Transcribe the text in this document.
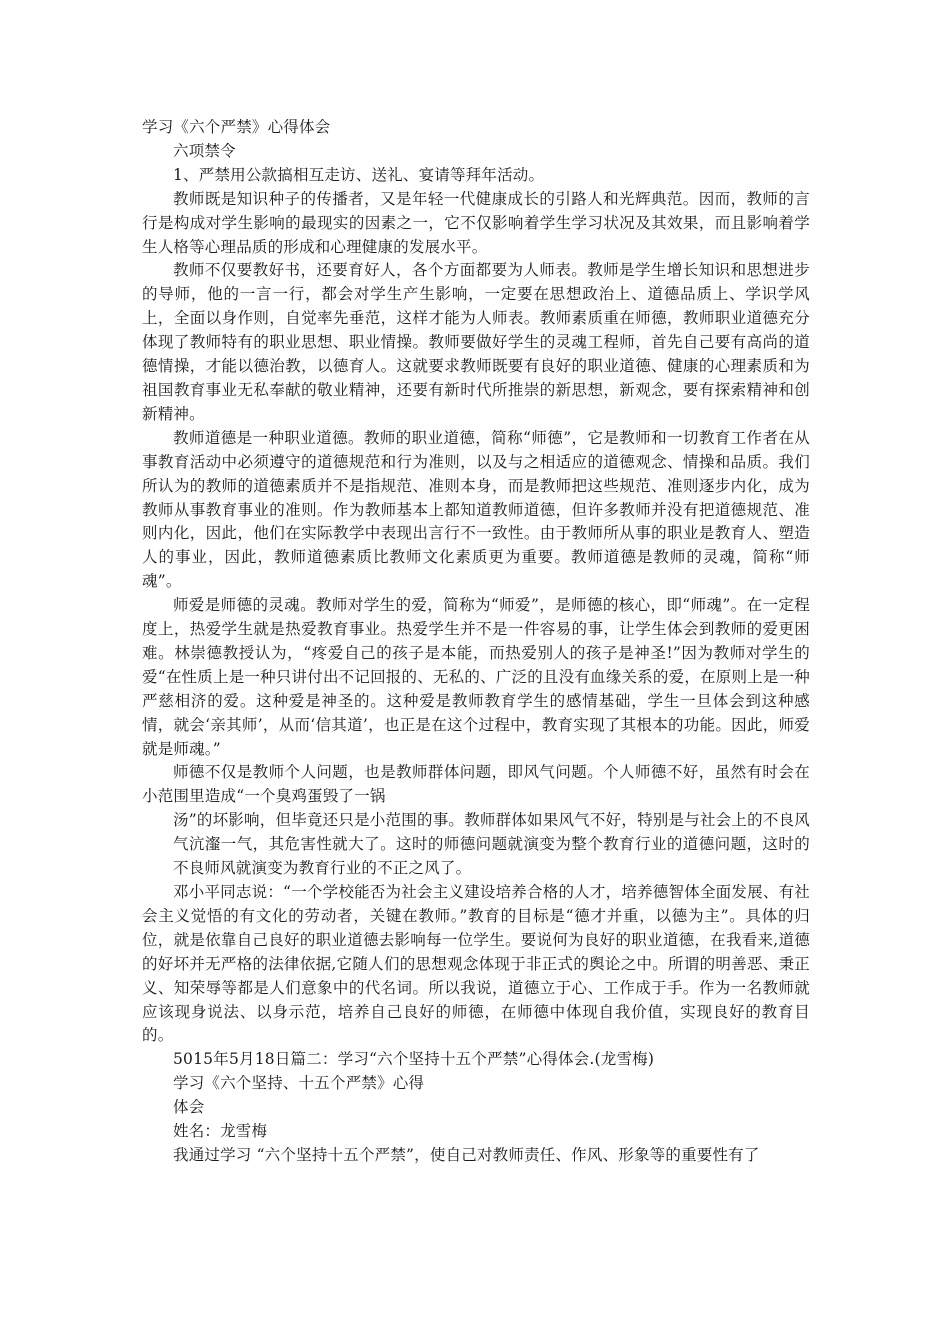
学习《六个严禁》心得体会

六项禁令

1、严禁用公款搞相互走访、送礼、宴请等拜年活动。

教师既是知识种子的传播者，又是年轻一代健康成长的引路人和光辉典范。因而，教师的言行是构成对学生影响的最现实的因素之一，它不仅影响着学生学习状况及其效果，而且影响着学生人格等心理品质的形成和心理健康的发展水平。

教师不仅要教好书，还要育好人，各个方面都要为人师表。教师是学生增长知识和思想进步的导师，他的一言一行，都会对学生产生影响，一定要在思想政治上、道德品质上、学识学风上，全面以身作则，自觉率先垂范，这样才能为人师表。教师素质重在师德，教师职业道德充分体现了教师特有的职业思想、职业情操。教师要做好学生的灵魂工程师，首先自己要有高尚的道德情操，才能以德治教，以德育人。这就要求教师既要有良好的职业道德、健康的心理素质和为祖国教育事业无私奉献的敬业精神，还要有新时代所推崇的新思想，新观念，要有探索精神和创新精神。

教师道德是一种职业道德。教师的职业道德，简称“师德”，它是教师和一切教育工作者在从事教育活动中必须遵守的道德规范和行为准则，以及与之相适应的道德观念、情操和品质。我们所认为的教师的道德素质并不是指规范、准则本身，而是教师把这些规范、准则逐步内化，成为教师从事教育事业的准则。作为教师基本上都知道教师道德，但许多教师并没有把道德规范、准则内化，因此，他们在实际教学中表现出言行不一致性。由于教师所从事的职业是教育人、塑造人的事业，因此，教师道德素质比教师文化素质更为重要。教师道德是教师的灵魂，简称“师魂”。

师爱是师德的灵魂。教师对学生的爱，简称为“师爱”，是师德的核心，即“师魂”。在一定程度上，热爱学生就是热爱教育事业。热爱学生并不是一件容易的事，让学生体会到教师的爱更困难。林崇德教授认为，“疼爱自己的孩子是本能，而热爱别人的孩子是神圣!”因为教师对学生的爱“在性质上是一种只讲付出不记回报的、无私的、广泛的且没有血缘关系的爱，在原则上是一种严慈相济的爱。这种爱是神圣的。这种爱是教师教育学生的感情基础，学生一旦体会到这种感情，就会‘亲其师’，从而‘信其道’，也正是在这个过程中，教育实现了其根本的功能。因此，师爱就是师魂。”

师德不仅是教师个人问题，也是教师群体问题，即风气问题。个人师德不好，虽然有时会在小范围里造成“一个臭鸡蛋毁了一锅

汤”的坏影响，但毕竟还只是小范围的事。教师群体如果风气不好，特别是与社会上的不良风气沆瀣一气，其危害性就大了。这时的师德问题就演变为整个教育行业的道德问题，这时的不良师风就演变为教育行业的不正之风了。

邓小平同志说：“一个学校能否为社会主义建设培养合格的人才，培养德智体全面发展、有社会主义觉悟的有文化的劳动者，关键在教师。”教育的目标是“德才并重，以德为主”。具体的归位，就是依靠自己良好的职业道德去影响每一位学生。要说何为良好的职业道德，在我看来,道德的好坏并无严格的法律依据,它随人们的思想观念体现于非正式的舆论之中。所谓的明善恶、秉正义、知荣辱等都是人们意象中的代名词。所以我说，道德立于心、工作成于手。作为一名教师就应该现身说法、以身示范，培养自己良好的师德，在师德中体现自我价值，实现良好的教育目的。

5015年5月18日篇二：学习“六个坚持十五个严禁”心得体会.(龙雪梅)

学习《六个坚持、十五个严禁》心得

体会

姓名：龙雪梅

我通过学习 “六个坚持十五个严禁”，使自己对教师责任、作风、形象等的重要性有了
